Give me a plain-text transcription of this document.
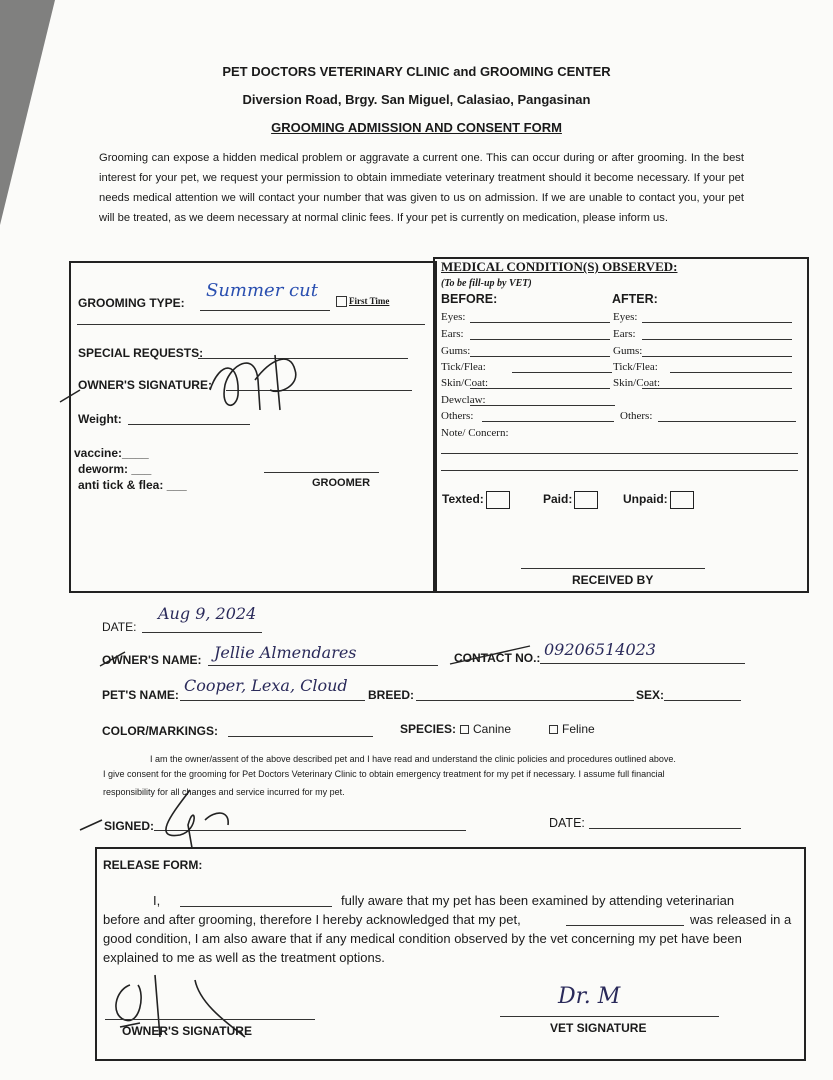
PET DOCTORS VETERINARY CLINIC and GROOMING CENTER
Diversion Road, Brgy. San Miguel, Calasiao, Pangasinan
GROOMING ADMISSION AND CONSENT FORM
Grooming can expose a hidden medical problem or aggravate a current one. This can occur during or after grooming. In the best interest for your pet, we request your permission to obtain immediate veterinary treatment should it become necessary. If your pet needs medical attention we will contact your number that was given to us on admission. If we are unable to contact you, your pet will be treated, as we deem necessary at normal clinic fees. If your pet is currently on medication, please inform us.
GROOMING TYPE:
Summer cut	First Time
SPECIAL REQUESTS:
OWNER'S SIGNATURE:
Weight:
vaccine:____
deworm: ___
anti tick & flea: ___	GROOMER
MEDICAL CONDITION(S) OBSERVED:
(To be fill-up by VET)
BEFORE:	AFTER:
Eyes:	Eyes:
Ears:	Ears:
Gums:	Gums:
Tick/Flea:	Tick/Flea:
Skin/Coat:	Skin/Coat:
Dewclaw:
Others:	Others:
Note/ Concern:
Texted:	Paid:	Unpaid:
RECEIVED BY
DATE:
Aug 9, 2024
OWNER'S NAME: Jellie Almendares	CONTACT NO.: 09206514023
PET'S NAME: Cooper, Lexa, Cloud BREED:	SEX:
COLOR/MARKINGS:	SPECIES:	Canine	Feline
I am the owner/assent of the above described pet and I have read and understand the clinic policies and procedures outlined above.
I give consent for the grooming for Pet Doctors Veterinary Clinic to obtain emergency treatment for my pet if necessary. I assume full financial
responsibility for all changes and service incurred for my pet.
SIGNED:	DATE:
RELEASE FORM:
I,	fully aware that my pet has been examined by attending veterinarian
before and after grooming, therefore I hereby acknowledged that my pet,	was released in a
good condition, I am also aware that if any medical condition observed by the vet concerning my pet have been
explained to me as well as the treatment options.
OWNER'S SIGNATURE
Dr. M
VET SIGNATURE
